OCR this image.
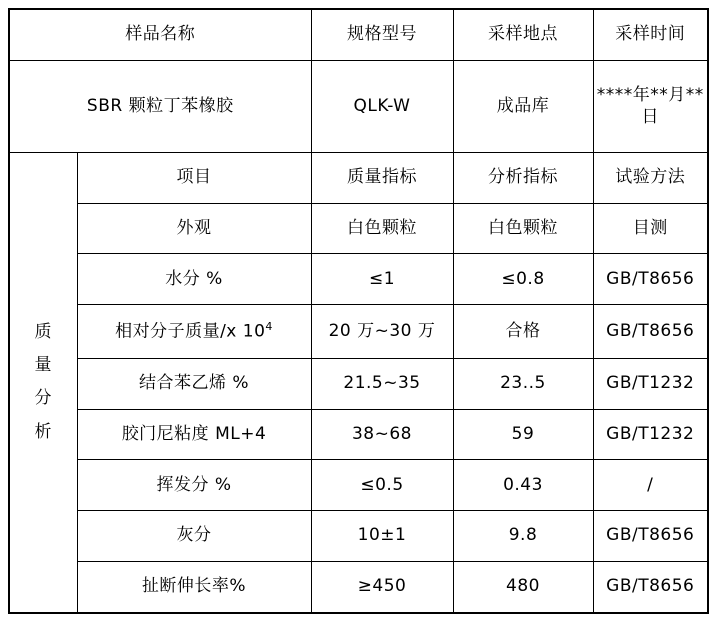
样品名称		规格型号	采样地点	采样时间
SBR 颗粒丁苯橡胶		QLK-W	成品库	****年**月**日

质
量
分
析	项目	质量指标	分析指标	试验方法
	外观	白色颗粒	白色颗粒	目测
	水分 %	≤1	≤0.8	GB/T8656
	相对分子质量/x $10^4$	20 万~30 万	合格	GB/T8656
	结合苯乙烯 %	21.5~35	23..5	GB/T1232
	胶门尼粘度 ML+4	38~68	59	GB/T1232
	挥发分 %	≤0.5	0.43	/
	灰分	10±1	9.8	GB/T8656
	扯断伸长率%	≥450	480	GB/T8656
